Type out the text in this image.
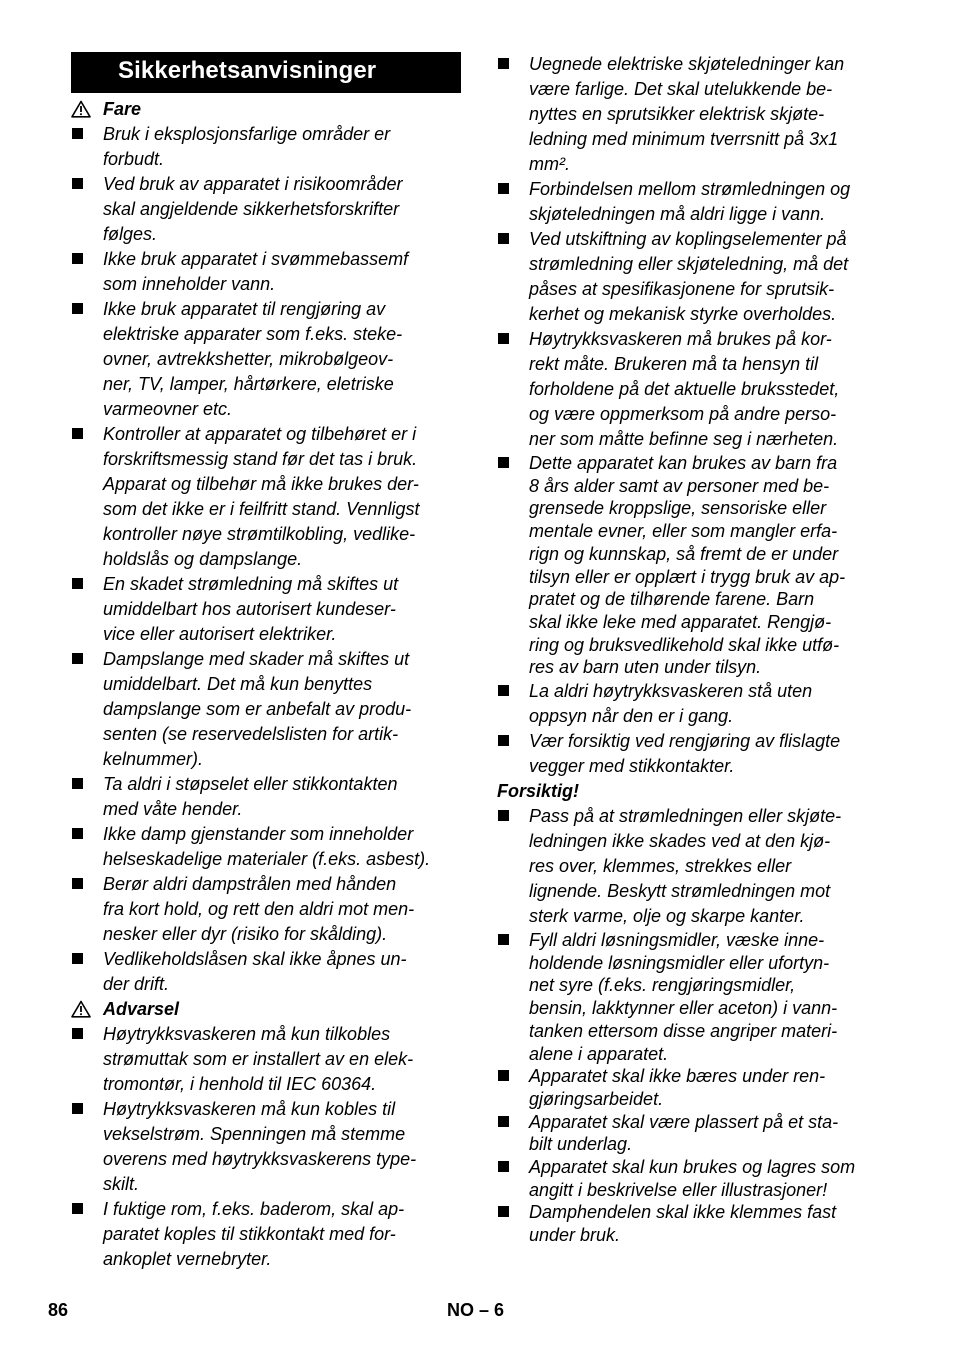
Sikkerhetsanvisninger
Fare
Bruk i eksplosjonsfarlige områder er
forbudt.
Ved bruk av apparatet i risikoområder
skal angjeldende sikkerhetsforskrifter
følges.
Ikke bruk apparatet i svømmebassemf
som inneholder vann.
Ikke bruk apparatet til rengjøring av
elektriske apparater som f.eks. steke-
ovner, avtrekkshetter, mikrobølgeov-
ner, TV, lamper, hårtørkere, eletriske
varmeovner etc.
Kontroller at apparatet og tilbehøret er i
forskriftsmessig stand før det tas i bruk.
Apparat og tilbehør må ikke brukes der-
som det ikke er i feilfritt stand. Vennligst
kontroller nøye strømtilkobling, vedlike-
holdslås og dampslange.
En skadet strømledning må skiftes ut
umiddelbart hos autorisert kundeser-
vice eller autorisert elektriker.
Dampslange med skader må skiftes ut
umiddelbart. Det må kun benyttes
dampslange som er anbefalt av produ-
senten (se reservedelslisten for artik-
kelnummer).
Ta aldri i støpselet eller stikkontakten
med våte hender.
Ikke damp gjenstander som inneholder
helseskadelige materialer (f.eks. asbest).
Berør aldri dampstrålen med hånden
fra kort hold, og rett den aldri mot men-
nesker eller dyr (risiko for skålding).
Vedlikeholdslåsen skal ikke åpnes un-
der drift.
Advarsel
Høytrykksvaskeren må kun tilkobles
strømuttak som er installert av en elek-
tromontør, i henhold til IEC 60364.
Høytrykksvaskeren må kun kobles til
vekselstrøm. Spenningen må stemme
overens med høytrykksvaskerens type-
skilt.
I fuktige rom, f.eks. baderom, skal ap-
paratet koples til stikkontakt med for-
ankoplet vernebryter.
Uegnede elektriske skjøteledninger kan
være farlige. Det skal utelukkende be-
nyttes en sprutsikker elektrisk skjøte-
ledning med minimum tverrsnitt på 3x1
mm².
Forbindelsen mellom strømledningen og
skjøteledningen må aldri ligge i vann.
Ved utskiftning av koplingselementer på
strømledning eller skjøteledning, må det
påses at spesifikasjonene for sprutsik-
kerhet og mekanisk styrke overholdes.
Høytrykksvaskeren må brukes på kor-
rekt måte. Brukeren må ta hensyn til
forholdene på det aktuelle bruksstedet,
og være oppmerksom på andre perso-
ner som måtte befinne seg i nærheten.
Dette apparatet kan brukes av barn fra
8 års alder samt av personer med be-
grensede kroppslige, sensoriske eller
mentale evner, eller som mangler erfa-
rign og kunnskap, så fremt de er under
tilsyn eller er opplært i trygg bruk av ap-
pratet og de tilhørende farene. Barn
skal ikke leke med apparatet. Rengjø-
ring og bruksvedlikehold skal ikke utfø-
res av barn uten under tilsyn.
La aldri høytrykksvaskeren stå uten
oppsyn når den er i gang.
Vær forsiktig ved rengjøring av flislagte
vegger med stikkontakter.
Forsiktig!
Pass på at strømledningen eller skjøte-
ledningen ikke skades ved at den kjø-
res over, klemmes, strekkes eller
lignende. Beskytt strømledningen mot
sterk varme, olje og skarpe kanter.
Fyll aldri løsningsmidler, væske inne-
holdende løsningsmidler eller ufortyn-
net syre (f.eks. rengjøringsmidler,
bensin, lakktynner eller aceton) i vann-
tanken ettersom disse angriper materi-
alene i apparatet.
Apparatet skal ikke bæres under ren-
gjøringsarbeidet.
Apparatet skal være plassert på et sta-
bilt underlag.
Apparatet skal kun brukes og lagres som
angitt i beskrivelse eller illustrasjoner!
Damphendelen skal ikke klemmes fast
under bruk.
86	NO – 6
